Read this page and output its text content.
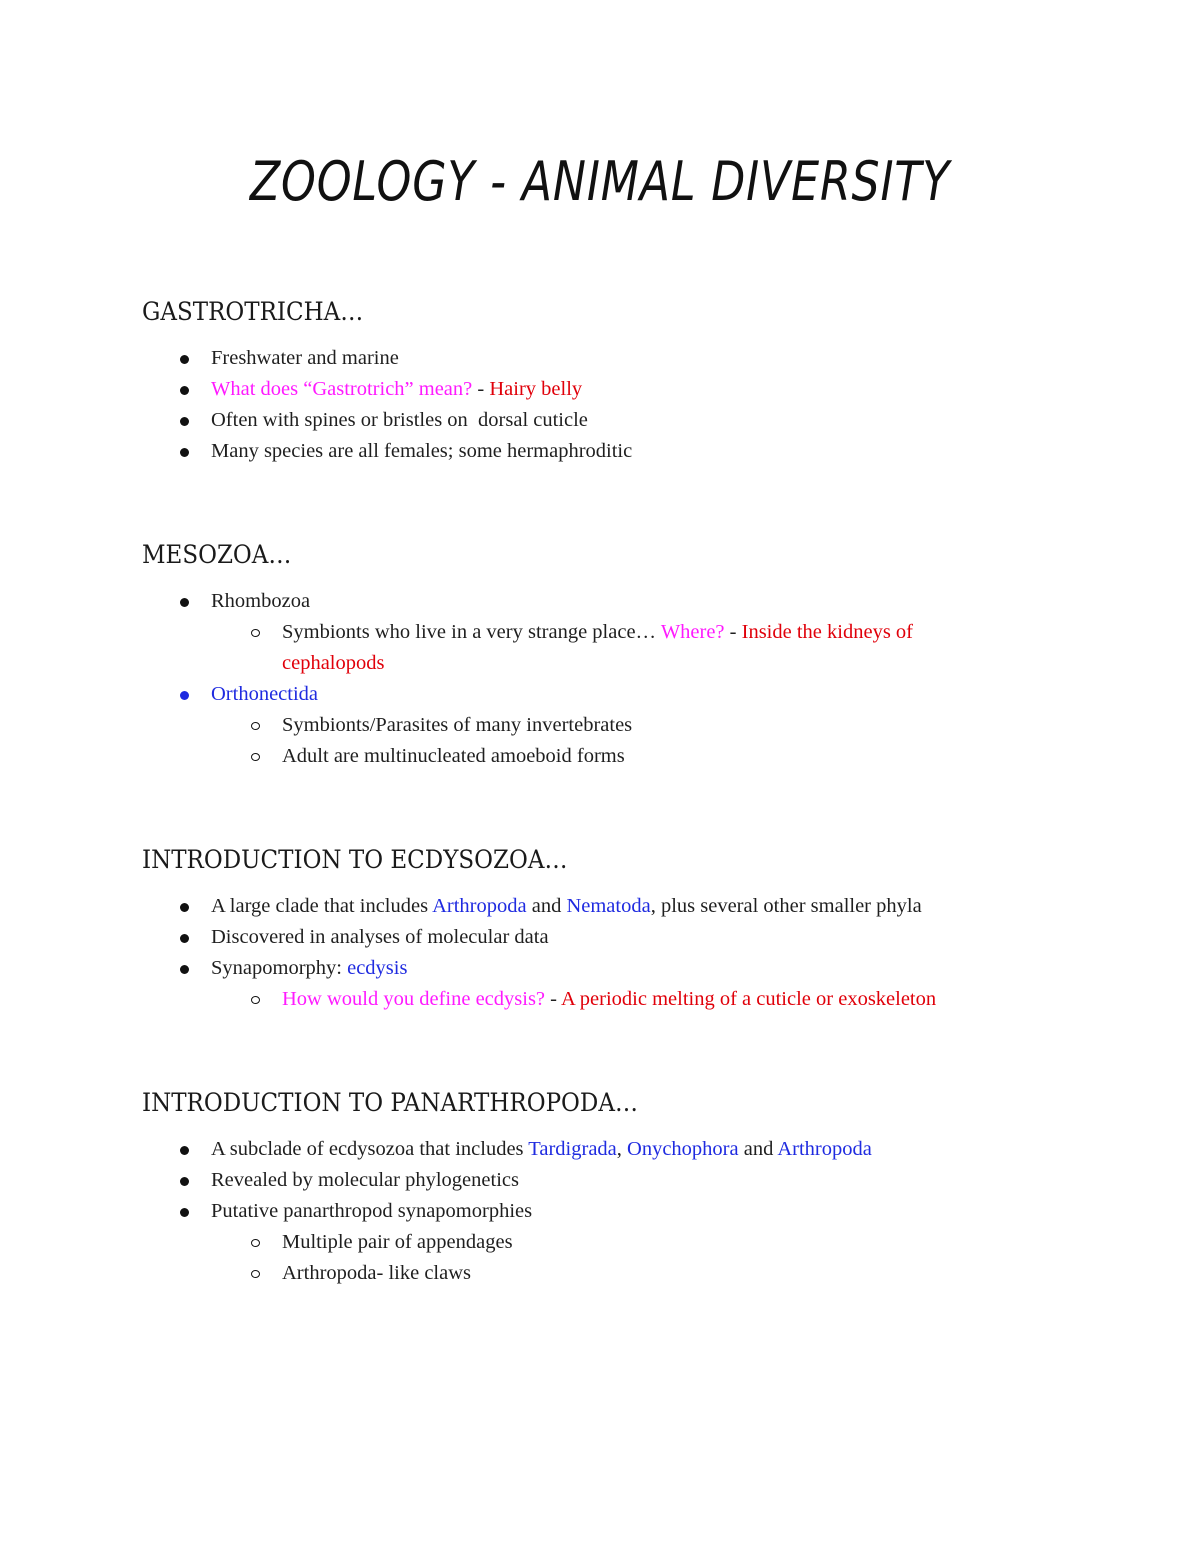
ZOOLOGY - ANIMAL DIVERSITY
GASTROTRICHA…
Freshwater and marine
What does “Gastrotrich” mean? - Hairy belly
Often with spines or bristles on  dorsal cuticle
Many species are all females; some hermaphroditic
MESOZOA…
Rhombozoa
Symbionts who live in a very strange place… Where? - Inside the kidneys of cephalopods
Orthonectida
Symbionts/Parasites of many invertebrates
Adult are multinucleated amoeboid forms
INTRODUCTION TO ECDYSOZOA…
A large clade that includes Arthropoda and Nematoda, plus several other smaller phyla
Discovered in analyses of molecular data
Synapomorphy: ecdysis
How would you define ecdysis? - A periodic melting of a cuticle or exoskeleton
INTRODUCTION TO PANARTHROPODA…
A subclade of ecdysozoa that includes Tardigrada, Onychophora and Arthropoda
Revealed by molecular phylogenetics
Putative panarthropod synapomorphies
Multiple pair of appendages
Arthropoda- like claws
